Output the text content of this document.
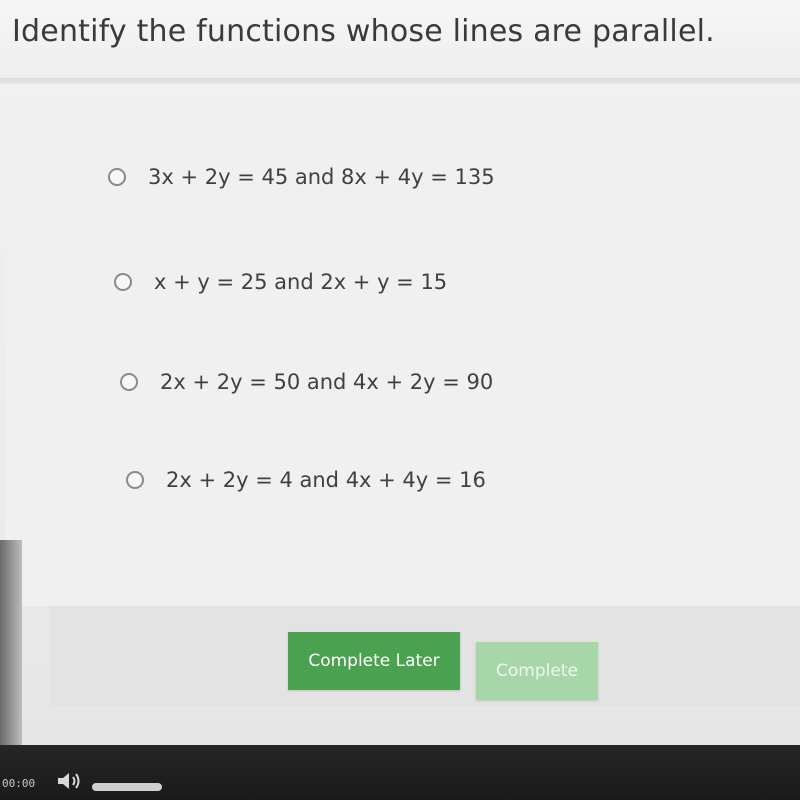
Identify the functions whose lines are parallel.
3x + 2y = 45 and 8x + 4y = 135
x + y = 25 and 2x + y = 15
2x + 2y = 50 and 4x + 2y = 90
2x + 2y = 4 and 4x + 4y = 16
Complete Later	Complete
00:00
